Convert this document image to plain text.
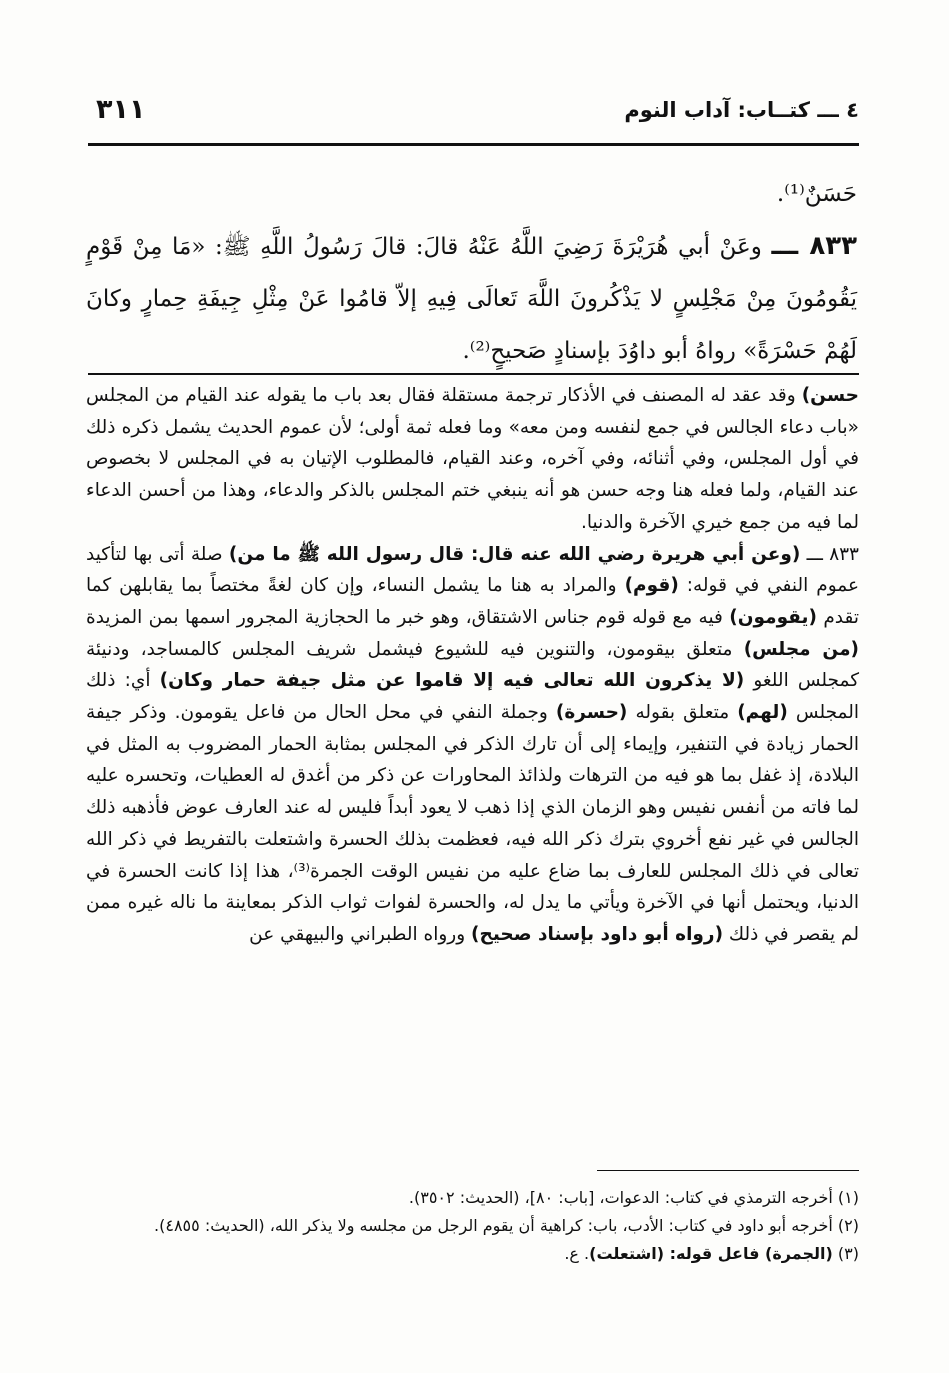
٤ ـــ كتــاب: آداب النوم
٣١١

حَسَنٌ⁽¹⁾.

٨٣٣ ـــ وعَنْ أبي هُرَيْرَةَ رَضِيَ اللَّهُ عَنْهُ قالَ: قالَ رَسُولُ اللَّهِ ﷺ: «مَا مِنْ قَوْمٍ يَقُومُونَ مِنْ مَجْلِسٍ لا يَذْكُرونَ اللَّهَ تَعالَى فِيهِ إلاّ قامُوا عَنْ مِثْلِ جِيفَةِ حِمارٍ وكانَ لَهُمْ حَسْرَةً» رواهُ أبو داوُدَ بإسنادٍ صَحيحٍ⁽²⁾.

حسن) وقد عقد له المصنف في الأذكار ترجمة مستقلة فقال بعد باب ما يقوله عند القيام من المجلس «باب دعاء الجالس في جمع لنفسه ومن معه» وما فعله ثمة أولى؛ لأن عموم الحديث يشمل ذكره ذلك في أول المجلس، وفي أثنائه، وفي آخره، وعند القيام، فالمطلوب الإتيان به في المجلس لا بخصوص عند القيام، ولما فعله هنا وجه حسن هو أنه ينبغي ختم المجلس بالذكر والدعاء، وهذا من أحسن الدعاء لما فيه من جمع خيري الآخرة والدنيا.

٨٣٣ ـــ (وعن أبي هريرة رضي الله عنه قال: قال رسول الله ﷺ ما من) صلة أتى بها لتأكيد عموم النفي في قوله: (قوم) والمراد به هنا ما يشمل النساء، وإن كان لغةً مختصاً بما يقابلهن كما تقدم (يقومون) فيه مع قوله قوم جناس الاشتقاق، وهو خبر ما الحجازية المجرور اسمها بمن المزيدة (من مجلس) متعلق بيقومون، والتنوين فيه للشيوع فيشمل شريف المجلس كالمساجد، ودنيئة كمجلس اللغو (لا يذكرون الله تعالى فيه إلا قاموا عن مثل جيفة حمار وكان) أي: ذلك المجلس (لهم) متعلق بقوله (حسرة) وجملة النفي في محل الحال من فاعل يقومون. وذكر جيفة الحمار زيادة في التنفير، وإيماء إلى أن تارك الذكر في المجلس بمثابة الحمار المضروب به المثل في البلادة، إذ غفل بما هو فيه من الترهات ولذائذ المحاورات عن ذكر من أغدق له العطيات، وتحسره عليه لما فاته من أنفس نفيس وهو الزمان الذي إذا ذهب لا يعود أبداً فليس له عند العارف عوض فأذهبه ذلك الجالس في غير نفع أخروي بترك ذكر الله فيه، فعظمت بذلك الحسرة واشتعلت بالتفريط في ذكر الله تعالى في ذلك المجلس للعارف بما ضاع عليه من نفيس الوقت الجمرة⁽³⁾، هذا إذا كانت الحسرة في الدنيا، ويحتمل أنها في الآخرة ويأتي ما يدل له، والحسرة لفوات ثواب الذكر بمعاينة ما ناله غيره ممن لم يقصر في ذلك (رواه أبو داود بإسناد صحيح) ورواه الطبراني والبيهقي عن

(١) أخرجه الترمذي في كتاب: الدعوات، [باب: ٨٠]، (الحديث: ٣٥٠٢).

(٢) أخرجه أبو داود في كتاب: الأدب، باب: كراهية أن يقوم الرجل من مجلسه ولا يذكر الله، (الحديث: ٤٨٥٥).

(٣) (الجمرة) فاعل قوله: (اشتعلت). ع.
